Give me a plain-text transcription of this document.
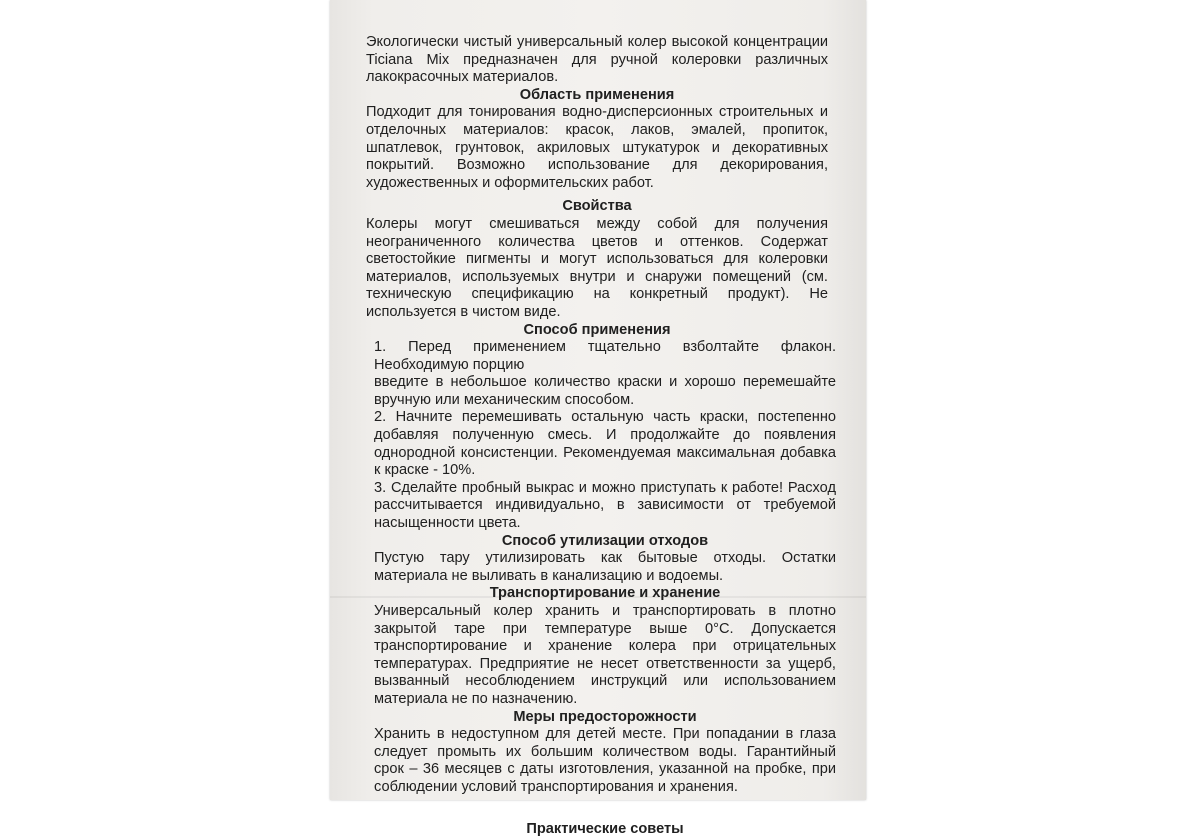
Экологически чистый универсальный колер высокой концентрации Ticiana Mix предназначен для ручной колеровки различных лакокрасочных материалов.

Область применения

Подходит для тонирования водно-дисперсионных строительных и отделочных материалов: красок, лаков, эмалей, пропиток, шпатлевок, грунтовок, акриловых штукатурок и декоративных покрытий. Возможно использование для декорирования, художественных и оформительских работ.

Свойства

Колеры могут смешиваться между собой для получения неограниченного количества цветов и оттенков. Содержат светостойкие пигменты и могут использоваться для колеровки материалов, используемых внутри и снаружи помещений (см. техническую спецификацию на конкретный продукт). Не используется в чистом виде.

Способ применения

1. Перед применением тщательно взболтайте флакон. Необходимую порцию

введите в небольшое количество краски и хорошо перемешайте вручную или механическим способом.

2. Начните перемешивать остальную часть краски, постепенно добавляя полученную смесь. И продолжайте до появления однородной консистенции. Рекомендуемая максимальная добавка к краске - 10%.

3. Сделайте пробный выкрас и можно приступать к работе! Расход рассчитывается индивидуально, в зависимости от требуемой насыщенности цвета.

Способ утилизации отходов

Пустую тару утилизировать как бытовые отходы. Остатки материала не выливать в канализацию и водоемы.

Транспортирование и хранение

Универсальный колер хранить и транспортировать в плотно закрытой таре при температуре выше 0°С. Допускается транспортирование и хранение колера при отрицательных температурах. Предприятие не несет ответственности за ущерб, вызванный несоблюдением инструкций или использованием материала не по назначению.

Меры предосторожности

Хранить в недоступном для детей месте. При попадании в глаза следует промыть их большим количеством воды. Гарантийный срок – 36 месяцев с даты изготовления, указанной на пробке, при соблюдении условий транспортирования и хранения.

Практические советы
